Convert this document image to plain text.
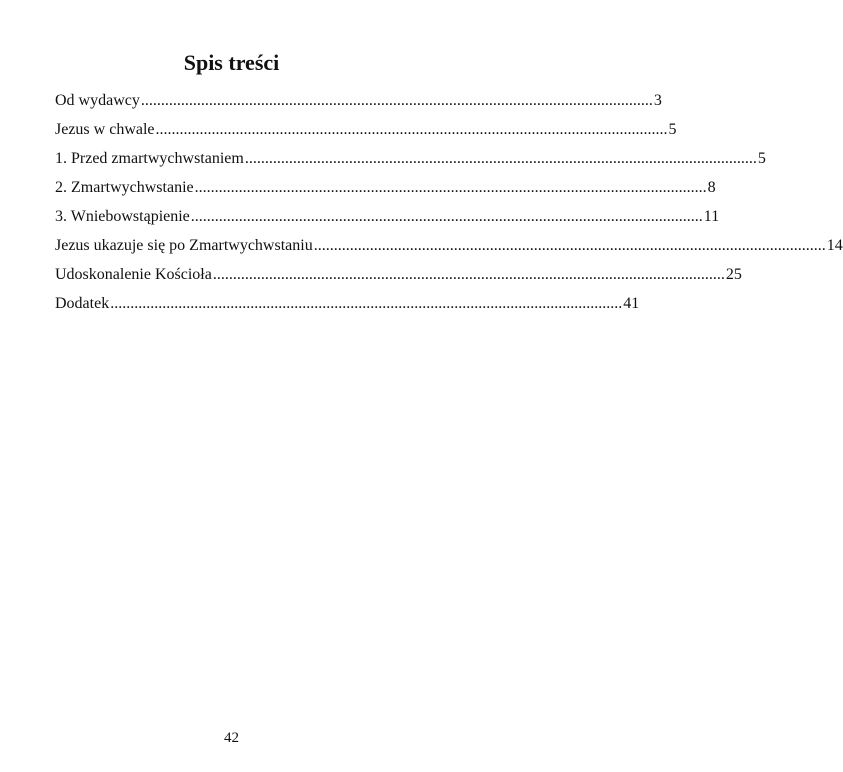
Spis treści
Od wydawcy ................................................................................................................................ 3
Jezus w chwale ................................................................................................................................ 5
1. Przed zmartwychwstaniem ................................................................................................................................ 5
2. Zmartwychwstanie ................................................................................................................................ 8
3. Wniebowstąpienie ................................................................................................................................ 11
Jezus ukazuje się po Zmartwychwstaniu ................................................................................................................................ 14
Udoskonalenie Kościoła ................................................................................................................................ 25
Dodatek ................................................................................................................................ 41
42
